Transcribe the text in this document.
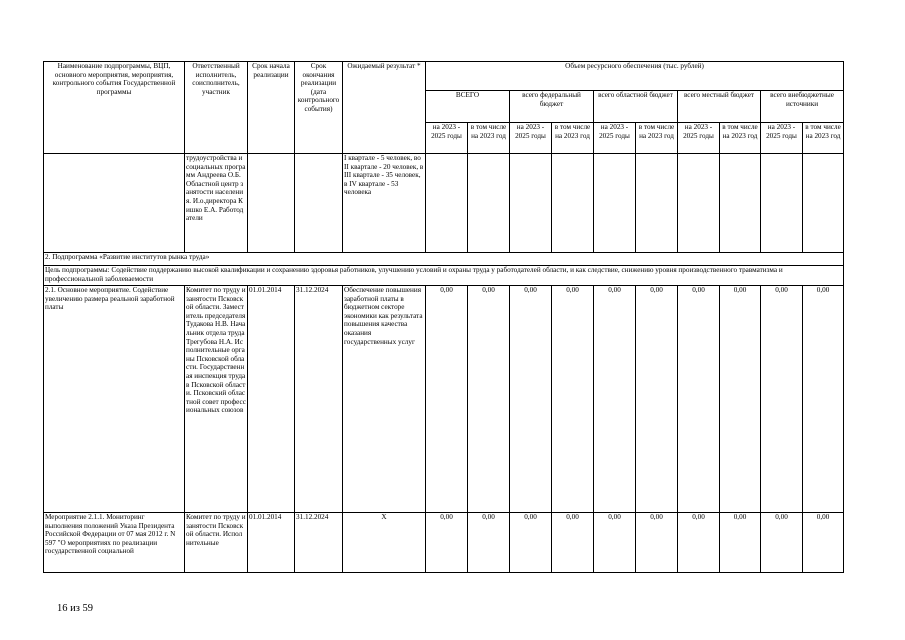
Наименование подпрограммы, ВЦП, основного мероприятия, мероприятия, контрольного события Государственной программы	Ответственный исполнитель, соисполнитель, участник	Срок начала реализации	Срок окончания реализации (дата контрольного события)	Ожидаемый результат *	Объем ресурсного обеспечения (тыс. рублей)									
					ВСЕГО		всего федеральный бюджет		всего областной бюджет		всего местный бюджет		всего внебюджетные источники	
					на 2023 - 2025 годы	в том числе на 2023 год	на 2023 - 2025 годы	в том числе на 2023 год	на 2023 - 2025 годы	в том числе на 2023 год	на 2023 - 2025 годы	в том числе на 2023 год	на 2023 - 2025 годы	в том числе на 2023 год
	трудоустройства и социальных программ Андреева О.Б. Областной центр занятости населения. И.о.директора Кишко Е.А. Работодатели			I квартале - 5 человек, во II квартале - 20 человек, в III квартале - 35 человек, в IV квартале - 53 человека										
2. Подпрограмма «Развитие институтов рынка труда»														
Цель подпрограммы: Содействие поддержанию высокой квалификации и сохранению здоровья работников, улучшению условий и охраны труда у работодателей области, и как следствие, снижению уровня производственного травматизма и профессиональной заболеваемости														
2.1. Основное мероприятие. Содействие увеличению размера реальной заработной платы	Комитет по труду и занятости Псковской области. Заместитель председателя Тудакова Н.В. Начальник отдела труда Трегубова Н.А. Исполнительные органы Псковской области. Государственная инспекция труда в Псковской области. Псковский областной совет профессиональных союзов	01.01.2014	31.12.2024	Обеспечение повышения заработной платы в бюджетном секторе экономики как результата повышения качества оказания государственных услуг	0,00	0,00	0,00	0,00	0,00	0,00	0,00	0,00	0,00	0,00
Мероприятие 2.1.1. Мониторинг выполнения положений Указа Президента Российской Федерации от 07 мая 2012 г. N 597 "О мероприятиях по реализации государственной социальной	Комитет по труду и занятости Псковской области. Исполнительные	01.01.2014	31.12.2024	X	0,00	0,00	0,00	0,00	0,00	0,00	0,00	0,00	0,00	0,00
16 из 59
